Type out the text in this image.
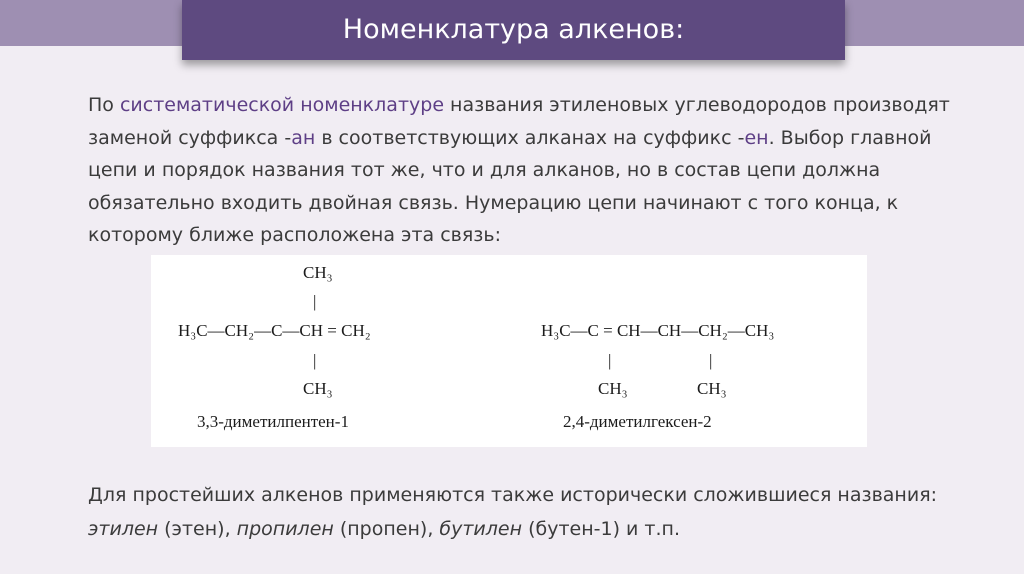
Номенклатура алкенов:
По систематической номенклатуре названия этиленовых углеводородов производят заменой суффикса -ан в соответствующих алканах на суффикс -ен. Выбор главной цепи и порядок названия тот же, что и для алканов, но в состав цепи должна обязательно входить двойная связь. Нумерацию цепи начинают с того конца, к которому ближе расположена эта связь:
CH₃
|
H₃C—CH₂—C—CH = CH₂
|
CH₃
3,3-диметилпентен-1
H₃C—C = CH—CH—CH₂—CH₃
|	|
CH₃	CH₃
2,4-диметилгексен-2
Для простейших алкенов применяются также исторически сложившиеся названия: этилен (этен), пропилен (пропен), бутилен (бутен-1) и т.п.
